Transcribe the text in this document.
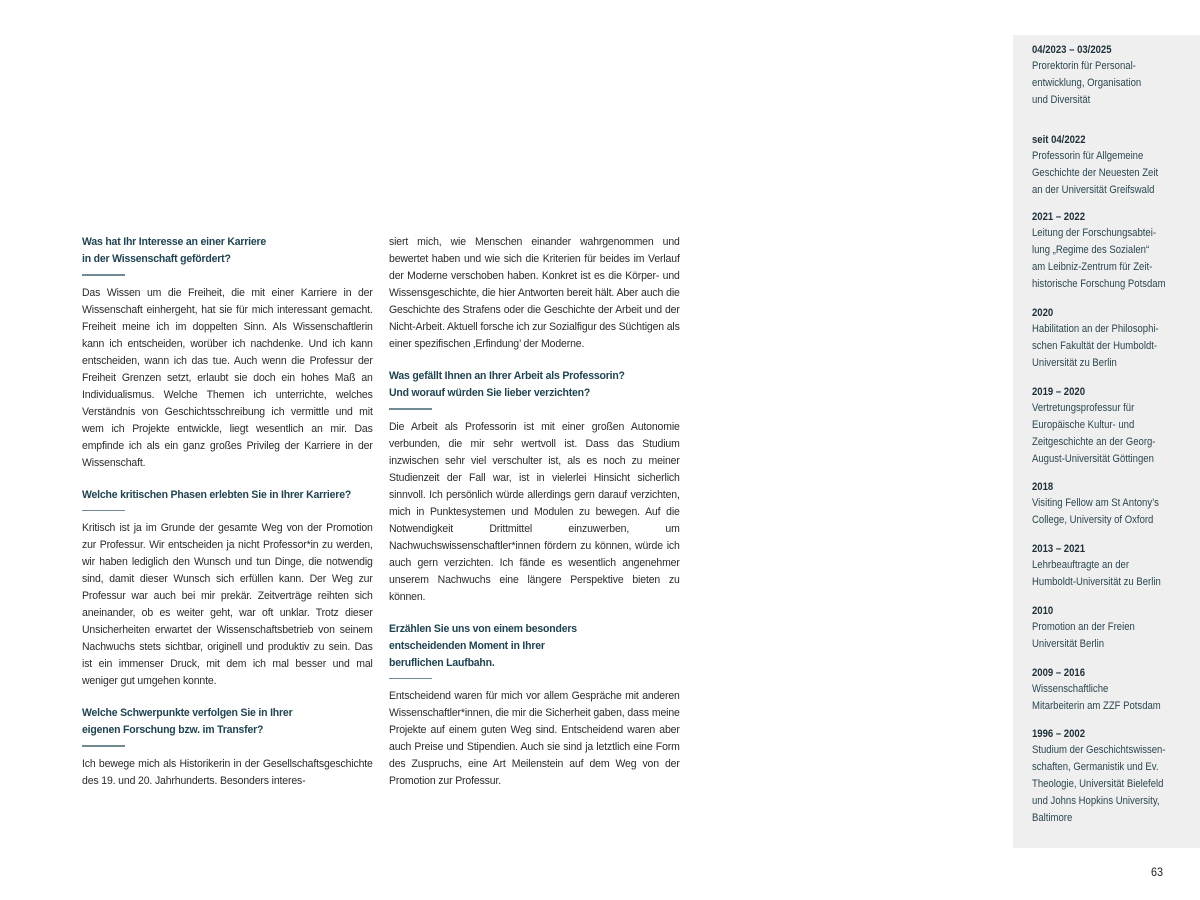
Was hat Ihr Interesse an einer Karriere
in der Wissenschaft gefördert?

Das Wissen um die Freiheit, die mit einer Karriere in der Wissenschaft einhergeht, hat sie für mich interessant gemacht. Freiheit meine ich im doppelten Sinn. Als Wissenschaftlerin kann ich entscheiden, worüber ich nachdenke. Und ich kann entscheiden, wann ich das tue. Auch wenn die Professur der Freiheit Grenzen setzt, erlaubt sie doch ein hohes Maß an Individualismus. Welche Themen ich unterrichte, welches Verständnis von Geschichtsschreibung ich vermittle und mit wem ich Projekte entwickle, liegt wesentlich an mir. Das empfinde ich als ein ganz großes Privileg der Karriere in der Wissenschaft.

Welche kritischen Phasen erlebten Sie in Ihrer Karriere?

Kritisch ist ja im Grunde der gesamte Weg von der Promotion zur Professur. Wir entscheiden ja nicht Professor*in zu werden, wir haben lediglich den Wunsch und tun Dinge, die notwendig sind, damit dieser Wunsch sich erfüllen kann. Der Weg zur Professur war auch bei mir prekär. Zeitverträge reihten sich aneinander, ob es weiter geht, war oft unklar. Trotz dieser Unsicherheiten erwartet der Wissenschaftsbetrieb von seinem Nachwuchs stets sichtbar, originell und produktiv zu sein. Das ist ein immenser Druck, mit dem ich mal besser und mal weniger gut umgehen konnte.

Welche Schwerpunkte verfolgen Sie in Ihrer
eigenen Forschung bzw. im Transfer?

Ich bewege mich als Historikerin in der Gesellschaftsgeschichte des 19. und 20. Jahrhunderts. Besonders interes-

siert mich, wie Menschen einander wahrgenommen und bewertet haben und wie sich die Kriterien für beides im Verlauf der Moderne verschoben haben. Konkret ist es die Körper- und Wissensgeschichte, die hier Antworten bereit hält. Aber auch die Geschichte des Strafens oder die Geschichte der Arbeit und der Nicht-Arbeit. Aktuell forsche ich zur Sozialfigur des Süchtigen als einer spezifischen ‚Erfindung’ der Moderne.

Was gefällt Ihnen an Ihrer Arbeit als Professorin?
Und worauf würden Sie lieber verzichten?

Die Arbeit als Professorin ist mit einer großen Autonomie verbunden, die mir sehr wertvoll ist. Dass das Studium inzwischen sehr viel verschulter ist, als es noch zu meiner Studienzeit der Fall war, ist in vielerlei Hinsicht sicherlich sinnvoll. Ich persönlich würde allerdings gern darauf verzichten, mich in Punktesystemen und Modulen zu bewegen. Auf die Notwendigkeit Drittmittel einzuwerben, um Nachwuchswissenschaftler*innen fördern zu können, würde ich auch gern verzichten. Ich fände es wesentlich angenehmer unserem Nachwuchs eine längere Perspektive bieten zu können.

Erzählen Sie uns von einem besonders
entscheidenden Moment in Ihrer
beruflichen Laufbahn.

Entscheidend waren für mich vor allem Gespräche mit anderen Wissenschaftler*innen, die mir die Sicherheit gaben, dass meine Projekte auf einem guten Weg sind. Entscheidend waren aber auch Preise und Stipendien. Auch sie sind ja letztlich eine Form des Zuspruchs, eine Art Meilenstein auf dem Weg von der Promotion zur Professur.

04/2023 – 03/2025
Prorektorin für Personal-
entwicklung, Organisation
und Diversität
seit 04/2022
Professorin für Allgemeine
Geschichte der Neuesten Zeit
an der Universität Greifswald
2021 – 2022
Leitung der Forschungsabtei-
lung „Regime des Sozialen“
am Leibniz-Zentrum für Zeit-
historische Forschung Potsdam
2020
Habilitation an der Philosophi-
schen Fakultät der Humboldt-
Universität zu Berlin
2019 – 2020
Vertretungsprofessur für
Europäische Kultur- und
Zeitgeschichte an der Georg-
August-Universität Göttingen
2018
Visiting Fellow am St Antony’s
College, University of Oxford
2013 – 2021
Lehrbeauftragte an der
Humboldt-Universität zu Berlin
2010
Promotion an der Freien
Universität Berlin
2009 – 2016
Wissenschaftliche
Mitarbeiterin am ZZF Potsdam
1996 – 2002
Studium der Geschichtswissen-
schaften, Germanistik und Ev.
Theologie, Universität Bielefeld
und Johns Hopkins University,
Baltimore
63
